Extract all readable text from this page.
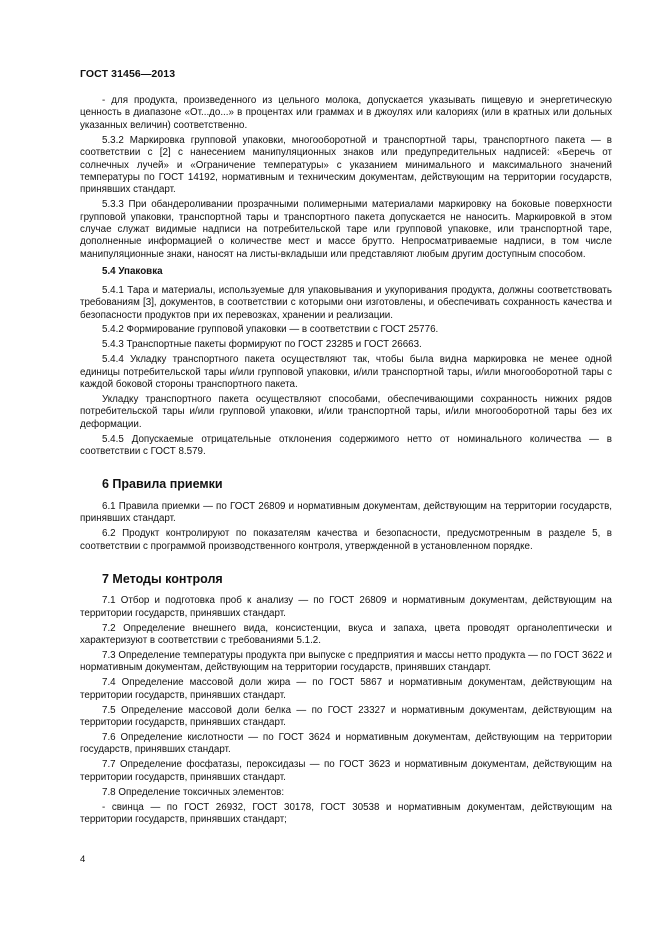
ГОСТ 31456—2013

- для продукта, произведенного из цельного молока, допускается указывать пищевую и энергетическую ценность в диапазоне «От...до...» в процентах или граммах и в джоулях или калориях (или в кратных или дольных указанных величин) соответственно.

5.3.2 Маркировка групповой упаковки, многооборотной и транспортной тары, транспортного пакета — в соответствии с [2] с нанесением манипуляционных знаков или предупредительных надписей: «Беречь от солнечных лучей» и «Ограничение температуры» с указанием минимального и максимального значений температуры по ГОСТ 14192, нормативным и техническим документам, действующим на территории государств, принявших стандарт.

5.3.3 При обандероливании прозрачными полимерными материалами маркировку на боковые поверхности групповой упаковки, транспортной тары и транспортного пакета допускается не наносить. Маркировкой в этом случае служат видимые надписи на потребительской таре или групповой упаковке, или транспортной таре, дополненные информацией о количестве мест и массе брутто. Непросматриваемые надписи, в том числе манипуляционные знаки, наносят на листы-вкладыши или представляют любым другим доступным способом.

5.4 Упаковка

5.4.1 Тара и материалы, используемые для упаковывания и укупоривания продукта, должны соответствовать требованиям [3], документов, в соответствии с которыми они изготовлены, и обеспечивать сохранность качества и безопасности продуктов при их перевозках, хранении и реализации.

5.4.2 Формирование групповой упаковки — в соответствии с ГОСТ 25776.

5.4.3 Транспортные пакеты формируют по ГОСТ 23285 и ГОСТ 26663.

5.4.4 Укладку транспортного пакета осуществляют так, чтобы была видна маркировка не менее одной единицы потребительской тары и/или групповой упаковки, и/или транспортной тары, и/или многооборотной тары с каждой боковой стороны транспортного пакета.

Укладку транспортного пакета осуществляют способами, обеспечивающими сохранность нижних рядов потребительской тары и/или групповой упаковки, и/или транспортной тары, и/или многооборотной тары без их деформации.

5.4.5 Допускаемые отрицательные отклонения содержимого нетто от номинального количества — в соответствии с ГОСТ 8.579.

6 Правила приемки

6.1 Правила приемки — по ГОСТ 26809 и нормативным документам, действующим на территории государств, принявших стандарт.

6.2 Продукт контролируют по показателям качества и безопасности, предусмотренным в разделе 5, в соответствии с программой производственного контроля, утвержденной в установленном порядке.

7 Методы контроля

7.1 Отбор и подготовка проб к анализу — по ГОСТ 26809 и нормативным документам, действующим на территории государств, принявших стандарт.

7.2 Определение внешнего вида, консистенции, вкуса и запаха, цвета проводят органолептически и характеризуют в соответствии с требованиями 5.1.2.

7.3 Определение температуры продукта при выпуске с предприятия и массы нетто продукта — по ГОСТ 3622 и нормативным документам, действующим на территории государств, принявших стандарт.

7.4 Определение массовой доли жира — по ГОСТ 5867 и нормативным документам, действующим на территории государств, принявших стандарт.

7.5 Определение массовой доли белка — по ГОСТ 23327 и нормативным документам, действующим на территории государств, принявших стандарт.

7.6 Определение кислотности — по ГОСТ 3624 и нормативным документам, действующим на территории государств, принявших стандарт.

7.7 Определение фосфатазы, пероксидазы — по ГОСТ 3623 и нормативным документам, действующим на территории государств, принявших стандарт.

7.8 Определение токсичных элементов:

- свинца — по ГОСТ 26932, ГОСТ 30178, ГОСТ 30538 и нормативным документам, действующим на территории государств, принявших стандарт;

4
